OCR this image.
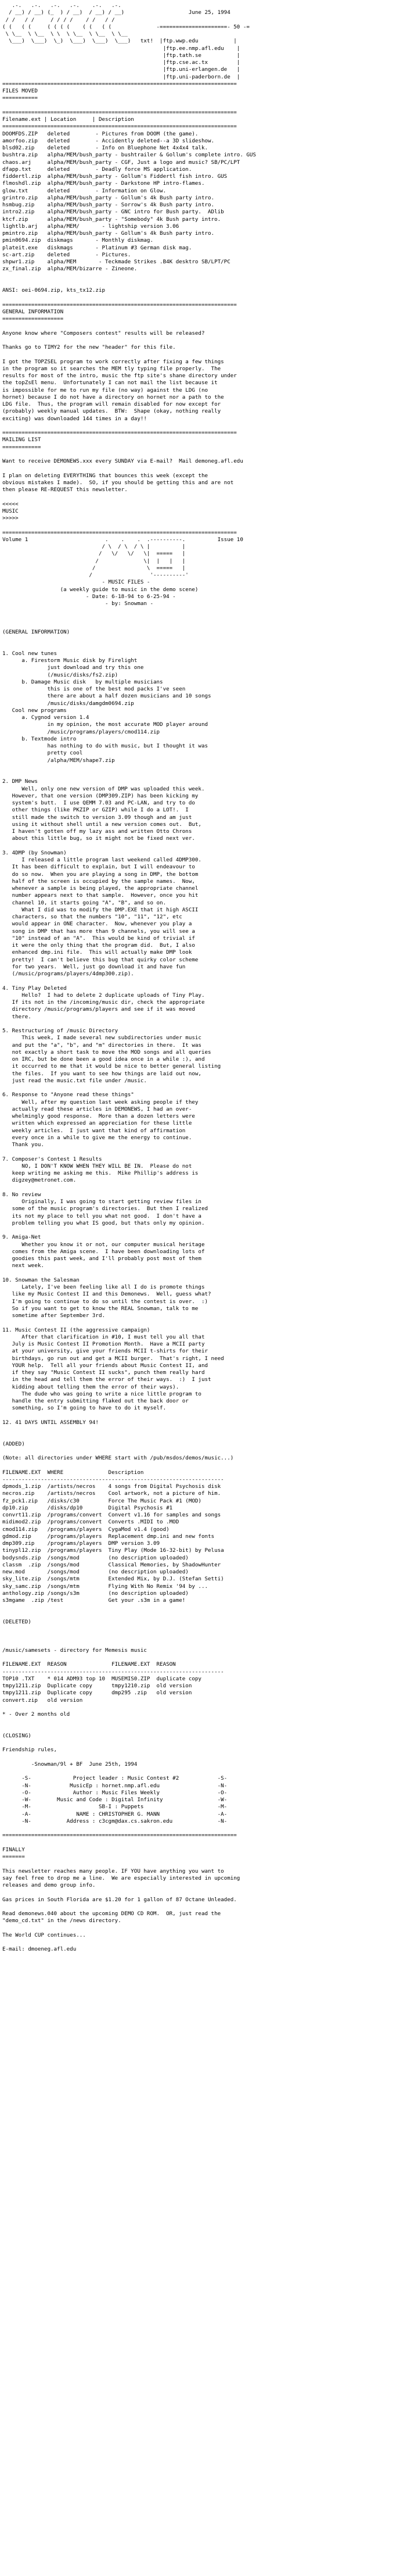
.-.   .-.   .-.   .-.    .-.   .-.
/ __) / __) (_  ) / __)  / __) / __)                    June 25, 1994
/ /   / /     / / / /    / /   / /
( (   ( (     ( ( ( (    ( (   ( (              -=====================- 50 -=
\ \__  \ \__  \ \  \ \__  \ \__  \ \__
\___)  \___)  \_)  \___)  \___)  \___)   txt!  |ftp.wwp.edu           |
|ftp.ee.nmp.afl.edu    |
|ftp.tath.se           |
|ftp.cse.ac.tx         |
|ftp.uni-erlangen.de   |
|ftp.uni-paderborn.de  |
=========================================================================
FILES MOVED
===========

=========================================================================
Filename.ext | Location     | Description
=========================================================================
DOOMFDS.ZIP   deleted        - Pictures from DOOM (the game).
amorfoo.zip   deleted        - Accidently deleted--a 3D slideshow.
blsd02.zip    deleted        - Info on Bluephone Net 4x4x4 talk.
bushtra.zip   alpha/MEM/bush_party - bushtrailer & Gollum's complete intro. GUS
chaos.arj     alpha/MEM/bush_party - CGF, Just a logo and music? SB/PC/LPT
dfapp.txt     deleted        - Deadly force MS application.
fiddertl.zip  alpha/MEM/bush_party - Gollum's Fiddertl fish intro. GUS
flmoshdl.zip  alpha/MEM/bush_party - Darkstone HP intro-flames.
glow.txt      deleted        - Information on Glow.
grintro.zip   alpha/MEM/bush_party - Gollum's 4k Bush party intro.
hsmbug.zip    alpha/MEM/bush_party - Sorrow's 4k Bush party intro.
intro2.zip    alpha/MEM/bush_party - GNC intro for Bush party.  ADlib
ktcf.zip      alpha/MEM/bush_party - "Somebody" 4k Bush party intro.
lightlb.arj   alpha/MEM/       - lightship version 3.06
pmintro.zip   alpha/MEM/bush_party - Gollum's 4k Bush party intro.
pmin0694.zip  diskmags       - Monthly diskmag.
plateit.exe   diskmags       - Platinum #3 German disk mag.
sc-art.zip    deleted        - Pictures.
shpwr1.zip    alpha/MEM       - Teckmade Strikes .B4K desktro SB/LPT/PC
zx_final.zip  alpha/MEM/bizarre - Zineone.

ANSI: oei-0694.zip, kts_tx12.zip

=========================================================================
GENERAL INFORMATION
===================

Anyone know where "Composers contest" results will be released?

Thanks go to TIMY2 for the new "header" for this file.

I got the TOPZSEL program to work correctly after fixing a few things
in the program so it searches the MEM tly typing file properly.  The
results for most of the intro, music the ftp site's shane directory under
the topZsEl menu.  Unfortunately I can not mail the list because it
is impossible for me to run my file (no way) against the LDG (no
hornet) because I do not have a directory on hornet nor a path to the
LDG file.  Thus, the program will remain disabled for now except for
(probably) weekly manual updates.  BTW:  Shape (okay, nothing really
exciting) was downloaded 144 times in a day!!

=========================================================================
MAILING LIST
============

Want to receive DEMONEWS.xxx every SUNDAY via E-mail?  Mail demoneg.afl.edu

I plan on deleting EVERYTHING that bounces this week (except the
obvious mistakes I made).  SO, if you should be getting this and are not
then please RE-REQUEST this newsletter.

<<<<<
MUSIC
>>>>>

=========================================================================
Volume 1                        .    .    .  .----------.          Issue 10
/ \  / \  / \ |          |
/   \/   \/   \|  =====   |
/              \|  |   |   |
/                \  =====   |
/                  '----------'
- MUSIC FILES -
(a weekly guide to music in the demo scene)
- Date: 6-18-94 to 6-25-94 -
- by: Snowman -

(GENERAL INFORMATION)

1. Cool new tunes
a. Firestorm Music disk by Firelight
just download and try this one
(/music/disks/fs2.zip)
b. Damage Music disk   by multiple musicians
this is one of the best mod packs I've seen
there are about a half dozen musicians and 10 songs
/music/disks/damgdm0694.zip
Cool new programs
a. Cygnod version 1.4
in my opinion, the most accurate MOD player around
/music/programs/players/cmod114.zip
b. Textmode intro
has nothing to do with music, but I thought it was
pretty cool
/alpha/MEM/shape7.zip

2. DMP News
Well, only one new version of DMP was uploaded this week.
However, that one version (DMP309.ZIP) has been kicking my
system's butt.  I use QEMM 7.03 and PC-LAN, and try to do
other things (like PKZIP or GZIP) while I do a LOT!.  I
still made the switch to version 3.09 though and am just
using it without shell until a new version comes out.  But,
I haven't gotten off my lazy ass and written Otto Chrons
about this little bug, so it might not be fixed next ver.

3. 4DMP (by Snowman)
I released a little program last weekend called 4DMP300.
It has been difficult to explain, but I will endeavour to
do so now.  When you are playing a song in DMP, the bottom
half of the screen is occupied by the sample names.  Now,
whenever a sample is being played, the appropriate channel
number appears next to that sample.  However, once you hit
channel 10, it starts going "A", "B", and so on.
What I did was to modify the DMP.EXE that it high ASCII
characters, so that the numbers "10", "11", "12", etc
would appear in ONE character.  Now, whenever you play a
song in DMP that has more than 9 channels, you will see a
"10" instead of an "A".  This would be kind of trivial if
it were the only thing that the program did.  But, I also
enhanced dmp.ini file.  This will actually make DMP look
pretty!  I can't believe this bug that quirky color scheme
for two years.  Well, just go download it and have fun
(/music/programs/players/4dmp300.zip).

4. Tiny Play Deleted
Hello?  I had to delete 2 duplicate uploads of Tiny Play.
If its not in the /incoming/music dir, check the appropriate
directory /music/programs/players and see if it was moved
there.

5. Restructuring of /music Directory
This week, I made several new subdirectories under music
and put the "a", "b", and "m" directories in there.  It was
not exactly a short task to move the MOD songs and all queries
on IRC, but be done been a good idea once in a while :), and
it occurred to me that it would be nice to better general listing
the files.  If you want to see how things are laid out now,
just read the music.txt file under /music.

6. Response to "Anyone read these things"
Well, after my question last week asking people if they
actually read these articles in DEMONEWS, I had an over-
whelmingly good response.  More than a dozen letters were
written which expressed an appreciation for these little
weekly articles.  I just want that kind of affirmation
every once in a while to give me the energy to continue.
Thank you.

7. Composer's Contest 1 Results
NO, I DON'T KNOW WHEN THEY WILL BE IN.  Please do not
keep writing me asking me this.  Mike Phillip's address is
digzey@metronet.com.

8. No review
Originally, I was going to start getting review files in
some of the music program's directories.  But then I realized
its not my place to tell you what not good.  I don't have a
problem telling you what IS good, but thats only my opinion.

9. Amiga-Net
Whether you know it or not, our computer musical heritage
comes from the Amiga scene.  I have been downloading lots of
goodies this past week, and I'll probably post most of them
next week.

10. Snowman the Salesman
Lately, I've been feeling like all I do is promote things
like my Music Contest II and this Demonews.  Well, guess what?
I'm going to continue to do so until the contest is over.  :)
So if you want to get to know the REAL Snowman, talk to me
sometime after September 3rd.

11. Music Contest II (the aggressive campaign)
After that clarification in #10, I must tell you all that
July is Music Contest II Promotion Month.  Have a MCII party
at your university, give your friends MCII t-shirts for their
birthdays, go run out and get a MCII burger.  That's right, I need
YOUR help.  Tell all your friends about Music Contest II, and
if they say "Music Contest II sucks", punch them really hard
in the head and tell them the error of their ways.  :)  I just
kidding about telling them the error of their ways).
The dude who was going to write a nice little program to
handle the entry submitting flaked out the back door or
something, so I'm going to have to do it myself.

12. 41 DAYS UNTIL ASSEMBLY 94!

(ADDED)

(Note: all directories under WHERE start with /pub/msdos/demos/music...)

FILENAME.EXT  WHERE              Description
---------------------------------------------------------------------
dpmods_1.zip  /artists/necros    4 songs from Digital Psychosis disk
necros.zip    /artists/necros    Cool artwork, not a picture of him.
fz_pck1.zip   /disks/c30         Force The Music Pack #1 (MOD)
dp10.zip      /disks/dp10        Digital Psychosis #1
convrt11.zip  /programs/convert  Convert v1.16 for samples and songs
midimod2.zip  /programs/convert  Converts .MIDI to .MOD
cmod114.zip   /programs/players  CygaMod v1.4 (good)
gdmod.zip     /programs/players  Replacement dmp.ini and new fonts
dmp309.zip    /programs/players  DMP version 3.09
tinypl12.zip  /programs/players  Tiny Play (Mode 16-32-bit) by Pelusa
bodysnds.zip  /songs/mod         (no description uploaded)
classm  .zip  /songs/mod         Classical Memories, by ShadowHunter
new.mod       /songs/mod         (no description uploaded)
sky_lite.zip  /songs/mtm         Extended Mix, by D.J. (Stefan Setti)
sky_samc.zip  /songs/mtm         Flying With No Remix '94 by ...
anthology.zip /songs/s3m         (no description uploaded)
s3mgame  .zip /test              Get your .s3m in a game!

(DELETED)

/music/samesets - directory for Memesis music

FILENAME.EXT  REASON              FILENAME.EXT  REASON
---------------------------------------------------------------------
TOP10 .TXT    * 014 ADM93 top 10  MUSEMIS0.ZIP  duplicate copy
tmpy1211.zip  Duplicate copy      tmpy1210.zip  old version
tmpy1211.zip  Duplicate copy      dmp295 .zip   old version
convert.zip   old version

* - Over 2 months old

(CLOSING)

Friendship rules,

-Snowman/9l + BF  June 25th, 1994

-S-             Project leader : Music Contest #2            -S-
-N-            MusicEp : hornet.nmp.afl.edu                  -N-
-O-             Author : Music Files Weekly                  -O-
-W-        Music and Code : Digital Infinity                 -W-
-M-                     SB-I : Puppets                       -M-
-A-              NAME : CHRISTOPHER G. MANN                  -A-
-N-           Address : c3cgm@dax.cs.sakron.edu              -N-

=========================================================================

FINALLY
=======

This newsletter reaches many people. IF YOU have anything you want to
say feel free to drop me a line.  We are especially interested in upcoming
releases and demo group info.

Gas prices in South Florida are $1.20 for 1 gallon of 87 Octane Unleaded.

Read demonews.040 about the upcoming DEMO CD ROM.  OR, just read the
"demo_cd.txt" in the /news directory.

The World CUP continues...

E-mail: dmoeneg.afl.edu
